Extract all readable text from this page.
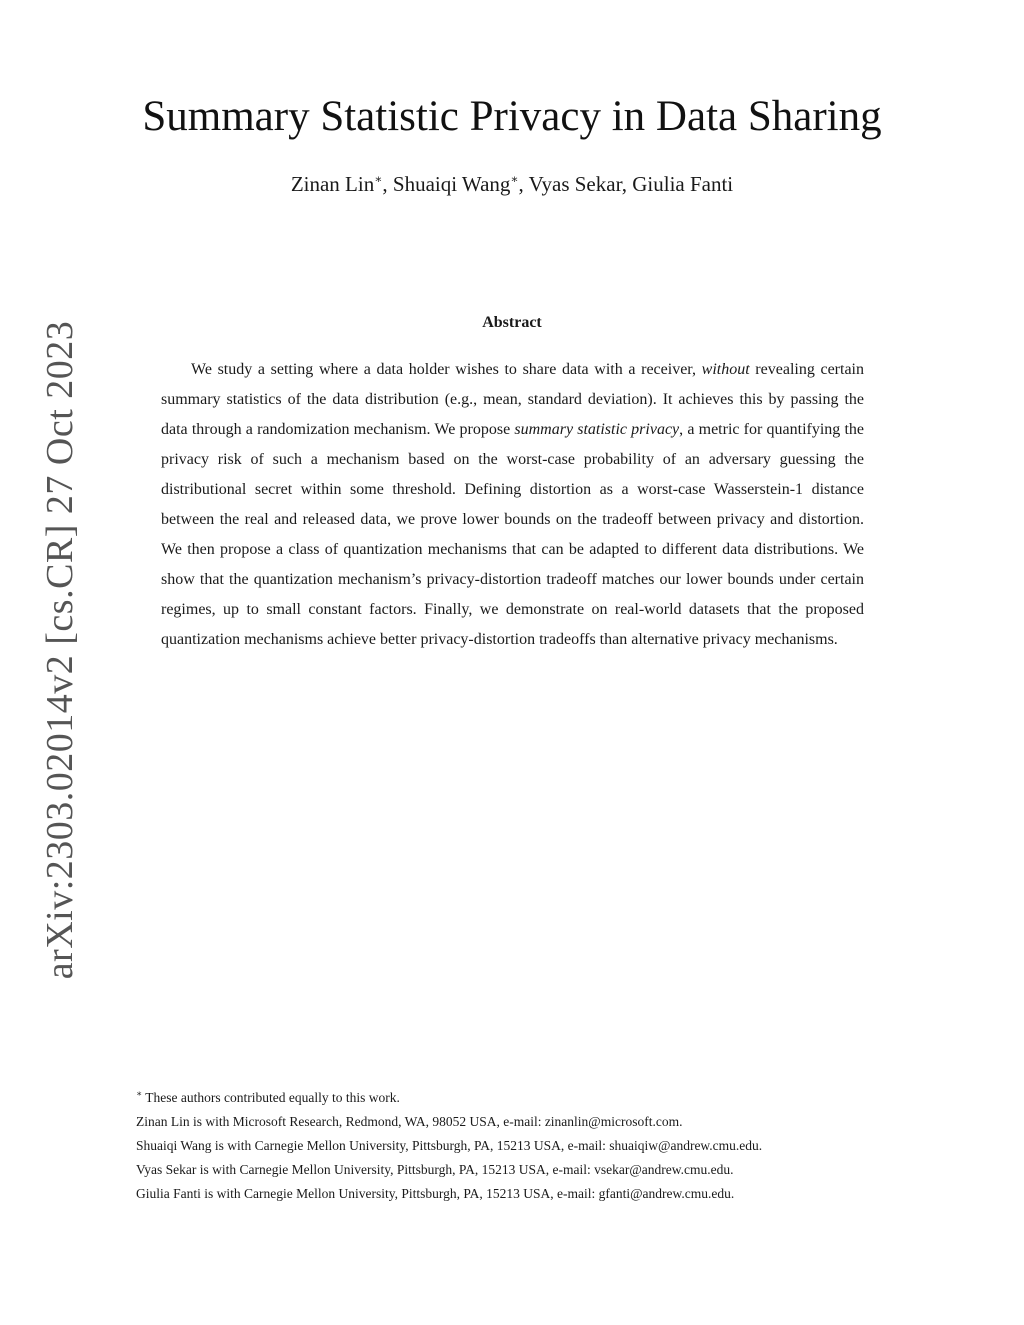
arXiv:2303.02014v2 [cs.CR] 27 Oct 2023
Summary Statistic Privacy in Data Sharing
Zinan Lin∗, Shuaiqi Wang∗, Vyas Sekar, Giulia Fanti
Abstract

We study a setting where a data holder wishes to share data with a receiver, without revealing certain summary statistics of the data distribution (e.g., mean, standard deviation). It achieves this by passing the data through a randomization mechanism. We propose summary statistic privacy, a metric for quantifying the privacy risk of such a mechanism based on the worst-case probability of an adversary guessing the distributional secret within some threshold. Defining distortion as a worst-case Wasserstein-1 distance between the real and released data, we prove lower bounds on the tradeoff between privacy and distortion. We then propose a class of quantization mechanisms that can be adapted to different data distributions. We show that the quantization mechanism’s privacy-distortion tradeoff matches our lower bounds under certain regimes, up to small constant factors. Finally, we demonstrate on real-world datasets that the proposed quantization mechanisms achieve better privacy-distortion tradeoffs than alternative privacy mechanisms.

∗ These authors contributed equally to this work.

Zinan Lin is with Microsoft Research, Redmond, WA, 98052 USA, e-mail: zinanlin@microsoft.com.

Shuaiqi Wang is with Carnegie Mellon University, Pittsburgh, PA, 15213 USA, e-mail: shuaiqiw@andrew.cmu.edu.

Vyas Sekar is with Carnegie Mellon University, Pittsburgh, PA, 15213 USA, e-mail: vsekar@andrew.cmu.edu.

Giulia Fanti is with Carnegie Mellon University, Pittsburgh, PA, 15213 USA, e-mail: gfanti@andrew.cmu.edu.
